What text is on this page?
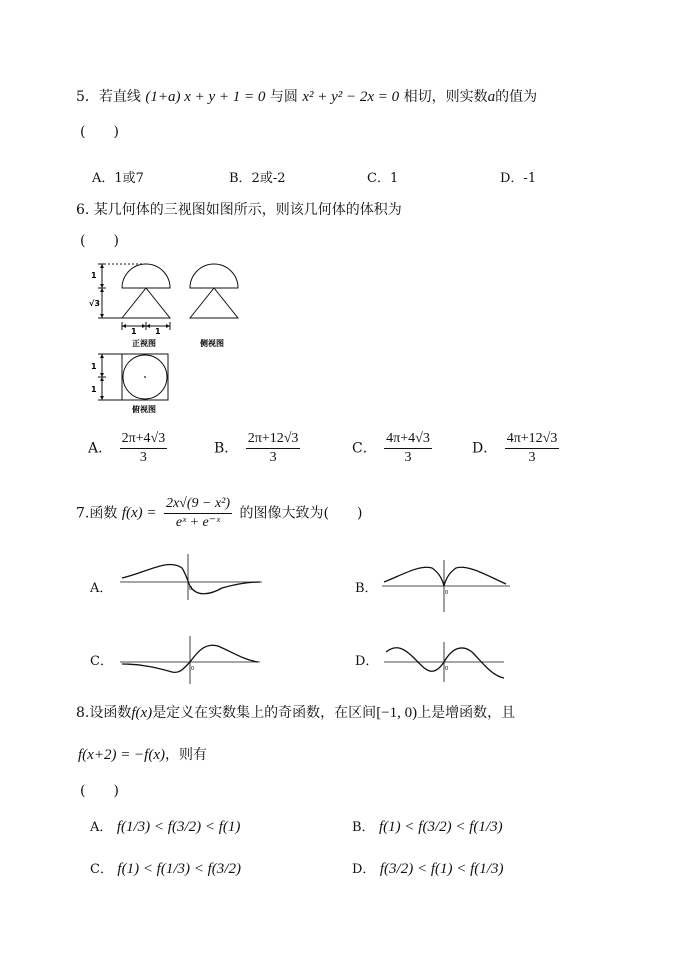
5．若直线 (1+a) x + y + 1 = 0 与圆 x² + y² − 2x = 0 相切，则实数a的值为
(　　)
A．1或7	B．2或-2	C．1	D．-1
6. 某几何体的三视图如图所示，则该几何体的体积为
(　　)
1
√3
1 1
1
1
正视图	侧视图
俯视图
A． $\frac{2\pi+4√3}{3}$	B． $\frac{2\pi+12√3}{3}$	C． $\frac{4\pi+4√3}{3}$	D． $\frac{4\pi+12√3}{3}$
7.函数 $f(x) = \frac{\text{2x√(9 − x²)}}{\text{eˣ + e⁻ˣ}}$ 的图像大致为(　　)
A．	0	B．	0
C．	0	D．	0
8.设函数f(x)是定义在实数集上的奇函数，在区间[−1, 0)上是增函数，且
f(x+2) = −f(x)，则有
(　　)
A． f(1/3) < f(3/2) < f(1)	B． f(1) < f(3/2) < f(1/3)
C． f(1) < f(1/3) < f(3/2)	D． f(3/2) < f(1) < f(1/3)
